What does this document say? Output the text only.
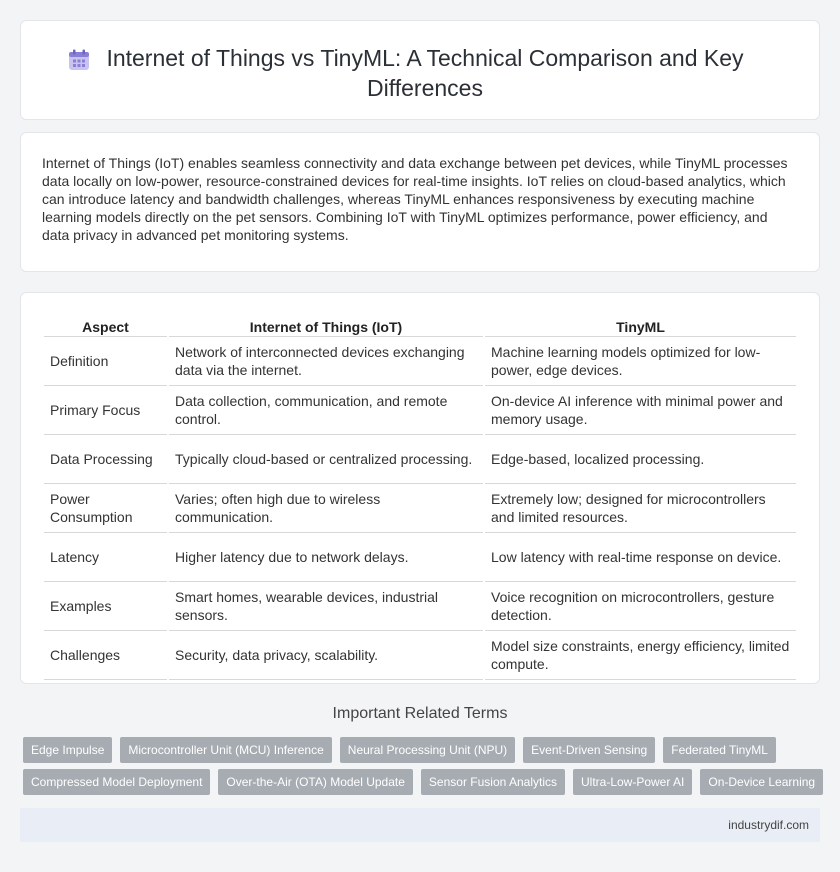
Internet of Things vs TinyML: A Technical Comparison and Key Differences

Internet of Things (IoT) enables seamless connectivity and data exchange between pet devices, while TinyML processes data locally on low-power, resource-constrained devices for real-time insights. IoT relies on cloud-based analytics, which can introduce latency and bandwidth challenges, whereas TinyML enhances responsiveness by executing machine learning models directly on the pet sensors. Combining IoT with TinyML optimizes performance, power efficiency, and data privacy in advanced pet monitoring systems.

Aspect	Internet of Things (IoT)	TinyML
Definition	Network of interconnected devices exchanging data via the internet.	Machine learning models optimized for low-power, edge devices.
Primary Focus	Data collection, communication, and remote control.	On-device AI inference with minimal power and memory usage.
Data Processing	Typically cloud-based or centralized processing.	Edge-based, localized processing.
Power Consumption	Varies; often high due to wireless communication.	Extremely low; designed for microcontrollers and limited resources.
Latency	Higher latency due to network delays.	Low latency with real-time response on device.
Examples	Smart homes, wearable devices, industrial sensors.	Voice recognition on microcontrollers, gesture detection.
Challenges	Security, data privacy, scalability.	Model size constraints, energy efficiency, limited compute.
Important Related Terms
Edge Impulse	Microcontroller Unit (MCU) Inference	Neural Processing Unit (NPU)	Event-Driven Sensing	Federated TinyML
Compressed Model Deployment	Over-the-Air (OTA) Model Update	Sensor Fusion Analytics	Ultra-Low-Power AI	On-Device Learning
industrydif.com
